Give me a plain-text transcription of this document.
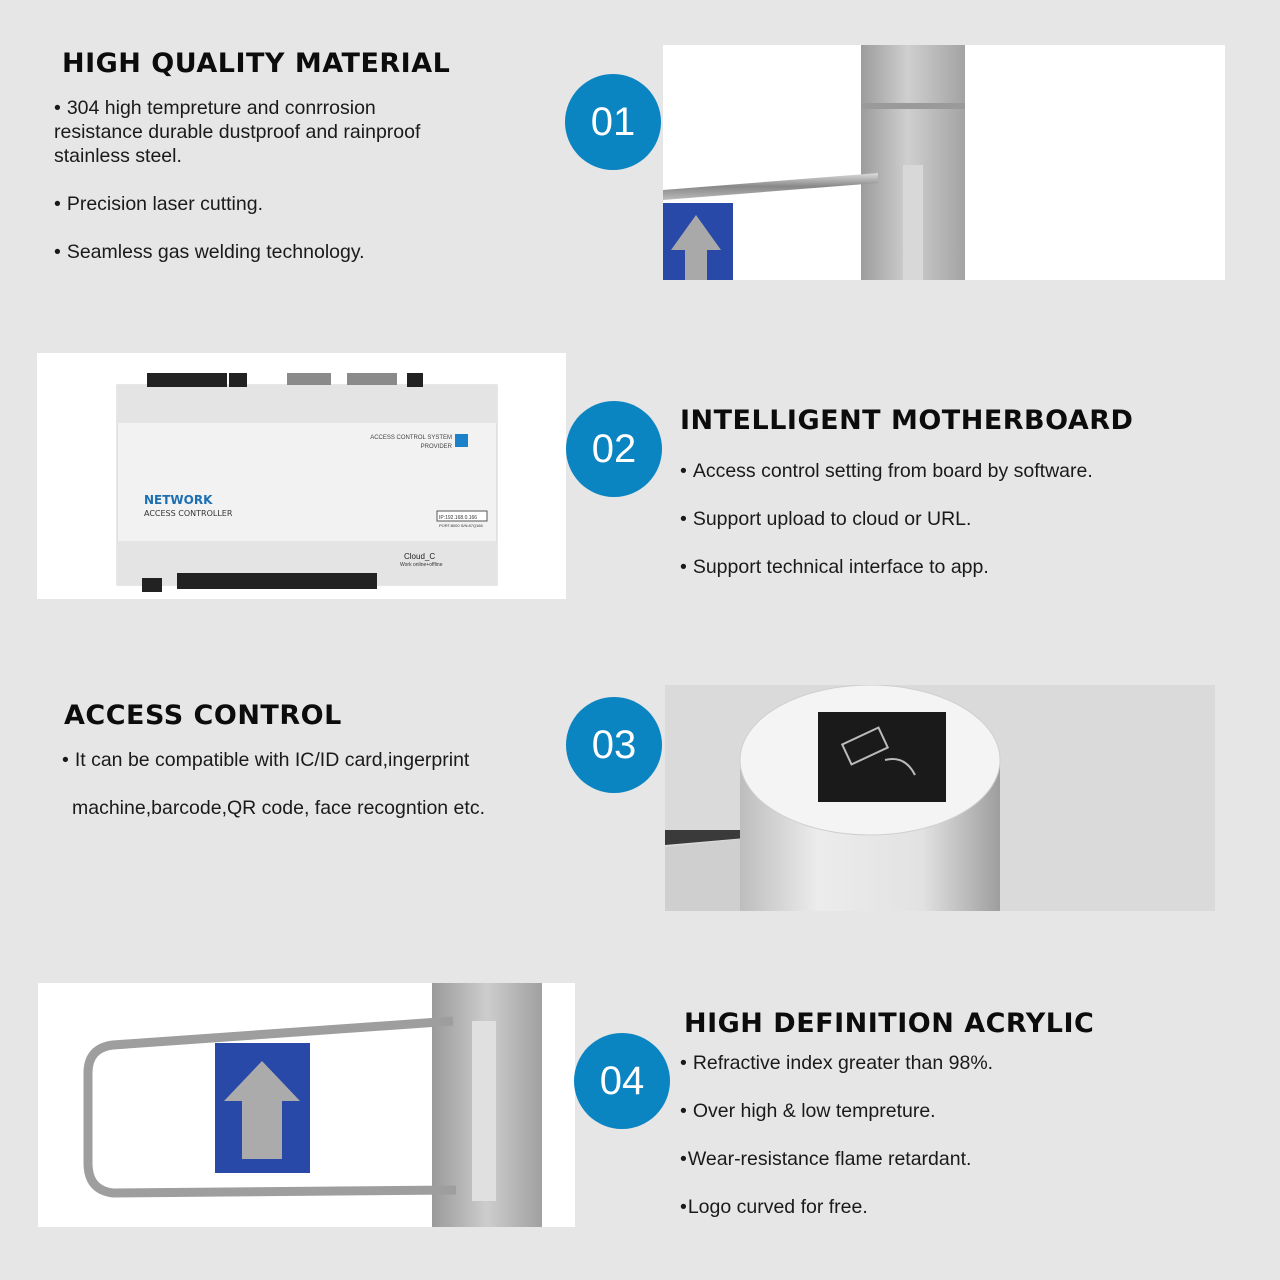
HIGH QUALITY MATERIAL
• 304 high tempreture and conrrosion
resistance durable dustproof and rainproof
stainless steel.
• Precision laser cutting.
• Seamless gas welding technology.
01
ACCESS CONTROL SYSTEM
PROVIDER
NETWORK
ACCESS CONTROLLER	IP:192.168.0.166
PORT:8000 S/N:87Q166
Cloud_C
Work online+offline
02
INTELLIGENT MOTHERBOARD
• Access control setting from board by software.
• Support upload to cloud or URL.
• Support technical interface to app.
ACCESS CONTROL
• It can be compatible with IC/ID card,ingerprint
machine,barcode,QR code, face recogntion etc.
03
04
HIGH DEFINITION ACRYLIC
• Refractive index greater than 98%.
• Over high & low tempreture.
•Wear-resistance flame retardant.
•Logo curved for free.
